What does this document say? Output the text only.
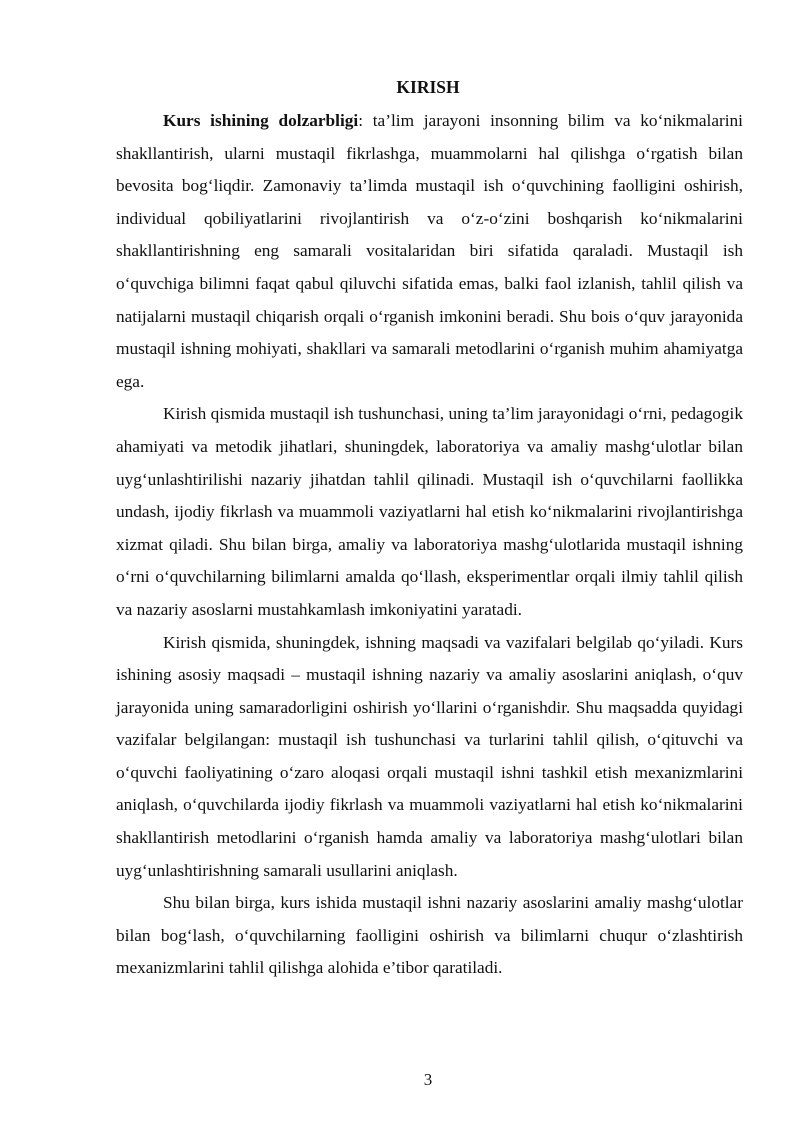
KIRISH

Kurs ishining dolzarbligi: ta’lim jarayoni insonning bilim va ko‘nikmalarini shakllantirish, ularni mustaqil fikrlashga, muammolarni hal qilishga o‘rgatish bilan bevosita bog‘liqdir. Zamonaviy ta’limda mustaqil ish o‘quvchining faolligini oshirish, individual qobiliyatlarini rivojlantirish va o‘z-o‘zini boshqarish ko‘nikmalarini shakllantirishning eng samarali vositalaridan biri sifatida qaraladi. Mustaqil ish o‘quvchiga bilimni faqat qabul qiluvchi sifatida emas, balki faol izlanish, tahlil qilish va natijalarni mustaqil chiqarish orqali o‘rganish imkonini beradi. Shu bois o‘quv jarayonida mustaqil ishning mohiyati, shakllari va samarali metodlarini o‘rganish muhim ahamiyatga ega.

Kirish qismida mustaqil ish tushunchasi, uning ta’lim jarayonidagi o‘rni, pedagogik ahamiyati va metodik jihatlari, shuningdek, laboratoriya va amaliy mashg‘ulotlar bilan uyg‘unlashtirilishi nazariy jihatdan tahlil qilinadi. Mustaqil ish o‘quvchilarni faollikka undash, ijodiy fikrlash va muammoli vaziyatlarni hal etish ko‘nikmalarini rivojlantirishga xizmat qiladi. Shu bilan birga, amaliy va laboratoriya mashg‘ulotlarida mustaqil ishning o‘rni o‘quvchilarning bilimlarni amalda qo‘llash, eksperimentlar orqali ilmiy tahlil qilish va nazariy asoslarni mustahkamlash imkoniyatini yaratadi.

Kirish qismida, shuningdek, ishning maqsadi va vazifalari belgilab qo‘yiladi. Kurs ishining asosiy maqsadi – mustaqil ishning nazariy va amaliy asoslarini aniqlash, o‘quv jarayonida uning samaradorligini oshirish yo‘llarini o‘rganishdir. Shu maqsadda quyidagi vazifalar belgilangan: mustaqil ish tushunchasi va turlarini tahlil qilish, o‘qituvchi va o‘quvchi faoliyatining o‘zaro aloqasi orqali mustaqil ishni tashkil etish mexanizmlarini aniqlash, o‘quvchilarda ijodiy fikrlash va muammoli vaziyatlarni hal etish ko‘nikmalarini shakllantirish metodlarini o‘rganish hamda amaliy va laboratoriya mashg‘ulotlari bilan uyg‘unlashtirishning samarali usullarini aniqlash.

Shu bilan birga, kurs ishida mustaqil ishni nazariy asoslarini amaliy mashg‘ulotlar bilan bog‘lash, o‘quvchilarning faolligini oshirish va bilimlarni chuqur o‘zlashtirish mexanizmlarini tahlil qilishga alohida e’tibor qaratiladi.

3
